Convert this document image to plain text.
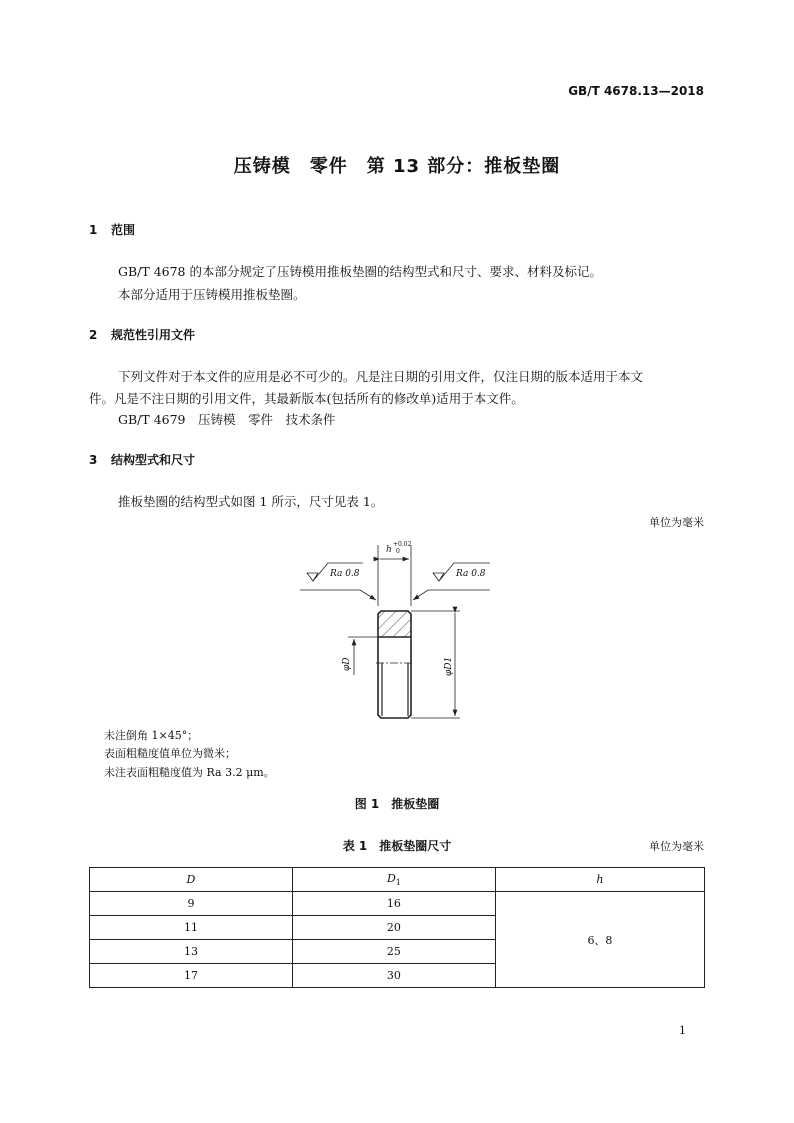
GB/T 4678.13—2018
压铸模　零件　第 13 部分：推板垫圈
1 范围
GB/T 4678 的本部分规定了压铸模用推板垫圈的结构型式和尺寸、要求、材料及标记。
本部分适用于压铸模用推板垫圈。
2 规范性引用文件
下列文件对于本文件的应用是必不可少的。凡是注日期的引用文件，仅注日期的版本适用于本文
件。凡是不注日期的引用文件，其最新版本(包括所有的修改单)适用于本文件。
GB/T 4679　压铸模　零件　技术条件
3 结构型式和尺寸
推板垫圈的结构型式如图 1 所示，尺寸见表 1。
单位为毫米
h
+0.02
0
Ra 0.8	Ra 0.8
φD	φD1
未注倒角 1×45°；
表面粗糙度值单位为微米；
未注表面粗糙度值为 Ra 3.2 μm。
图 1　推板垫圈
表 1　推板垫圈尺寸	单位为毫米
D	$D_1$	h
9	16	6、8
11	20	
13	25	
17	30	
1
